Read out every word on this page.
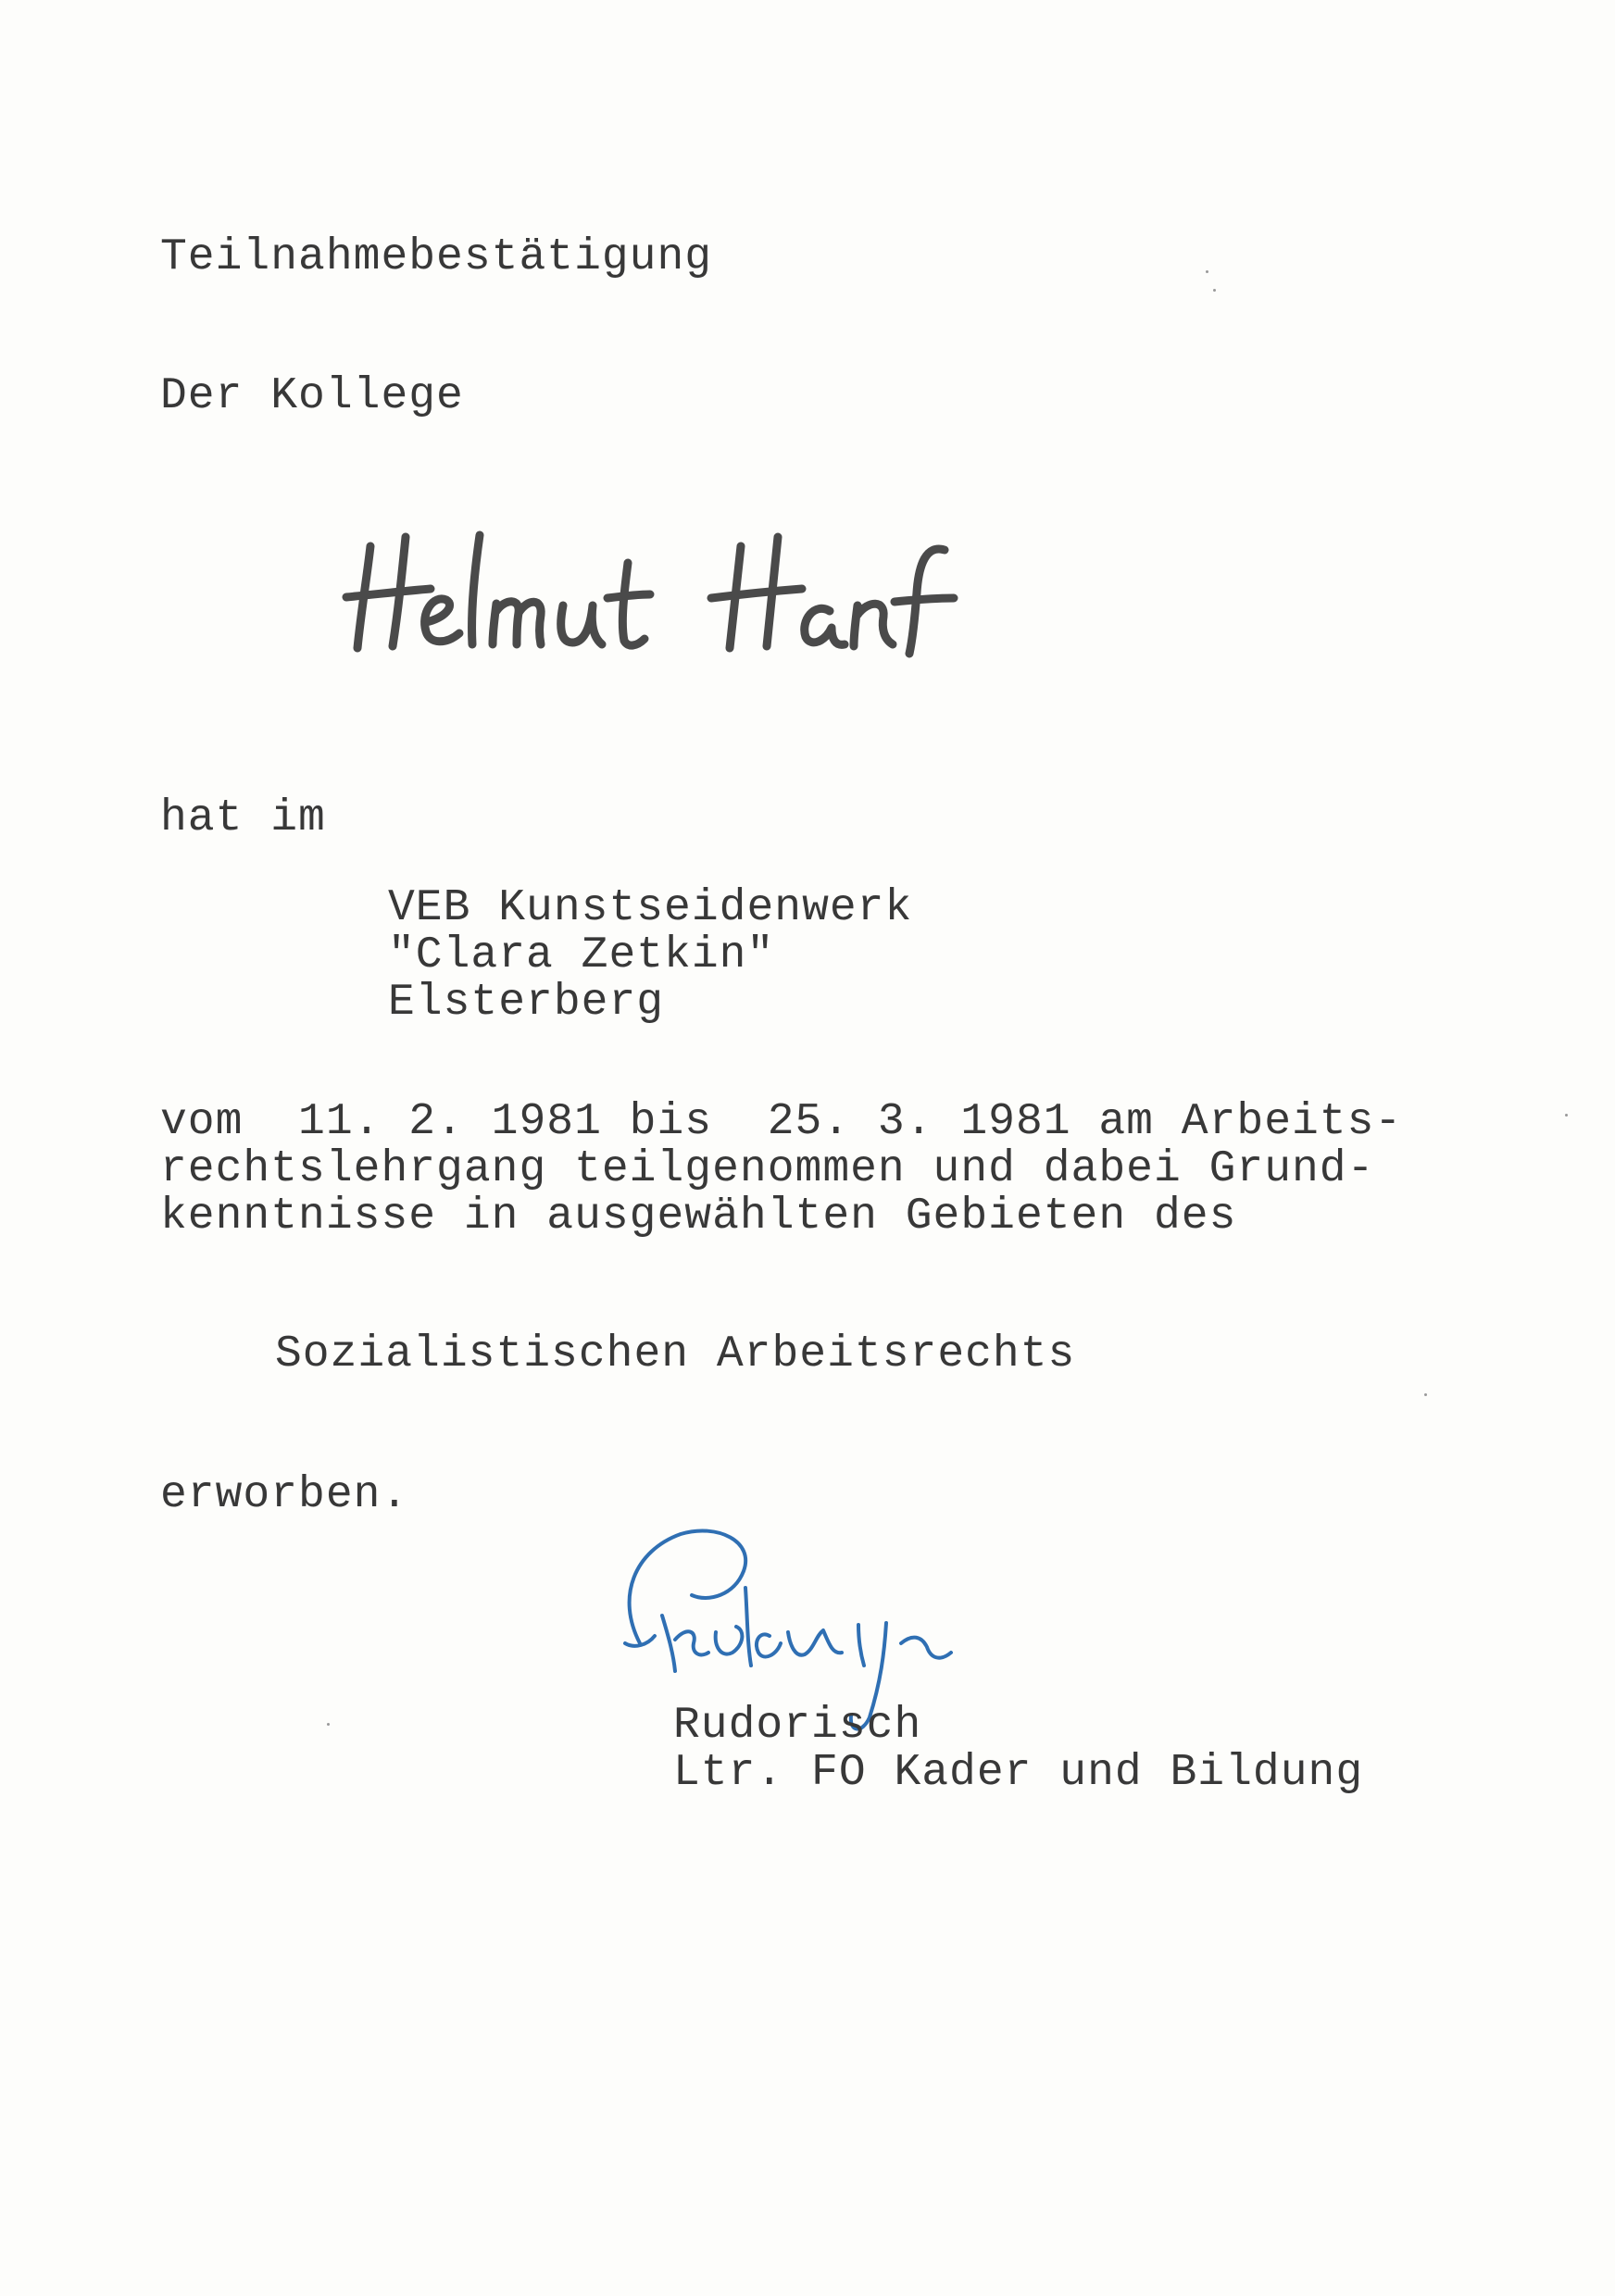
Teilnahmebestätigung
Der Kollege
hat im
VEB Kunstseidenwerk
"Clara Zetkin"
Elsterberg
vom  11. 2. 1981 bis  25. 3. 1981 am Arbeits-
rechtslehrgang teilgenommen und dabei Grund-
kenntnisse in ausgewählten Gebieten des
Sozialistischen Arbeitsrechts
erworben.
Rudorisch
Ltr. FO Kader und Bildung
